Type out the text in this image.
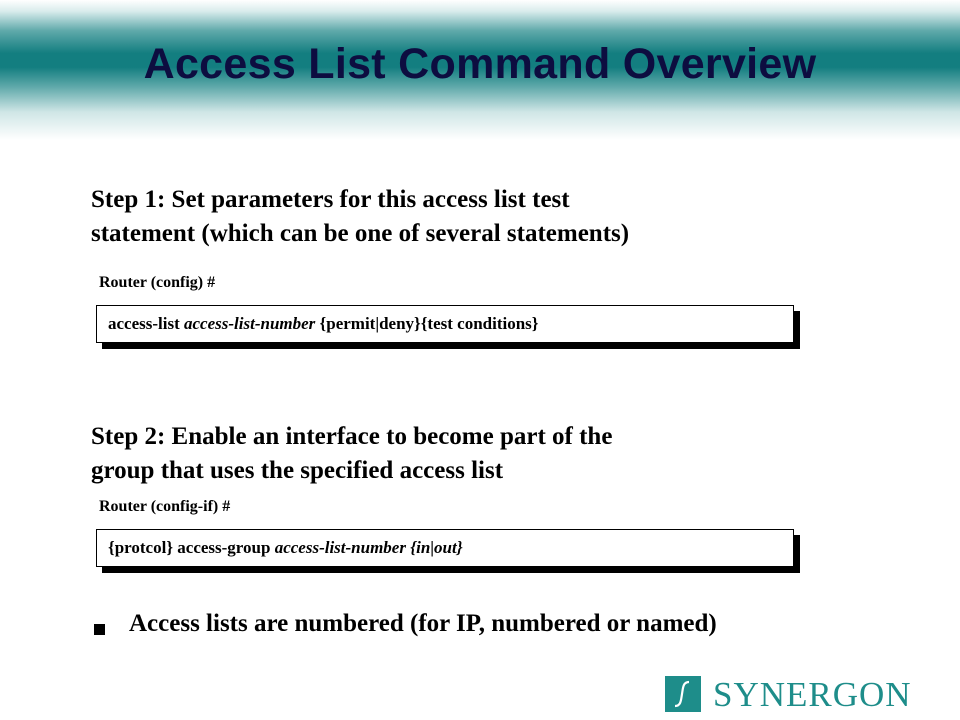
Access List Command Overview
Step 1: Set parameters for this access list test
statement (which can be one of several statements)
Router (config) #
access-list access-list-number {permit|deny}{test conditions}
Step 2: Enable an interface to become part of the
group that uses the specified access list
Router (config-if) #
{protcol} access-group access-list-number {in|out}
Access lists are numbered (for IP, numbered or named)
SYNERGON
